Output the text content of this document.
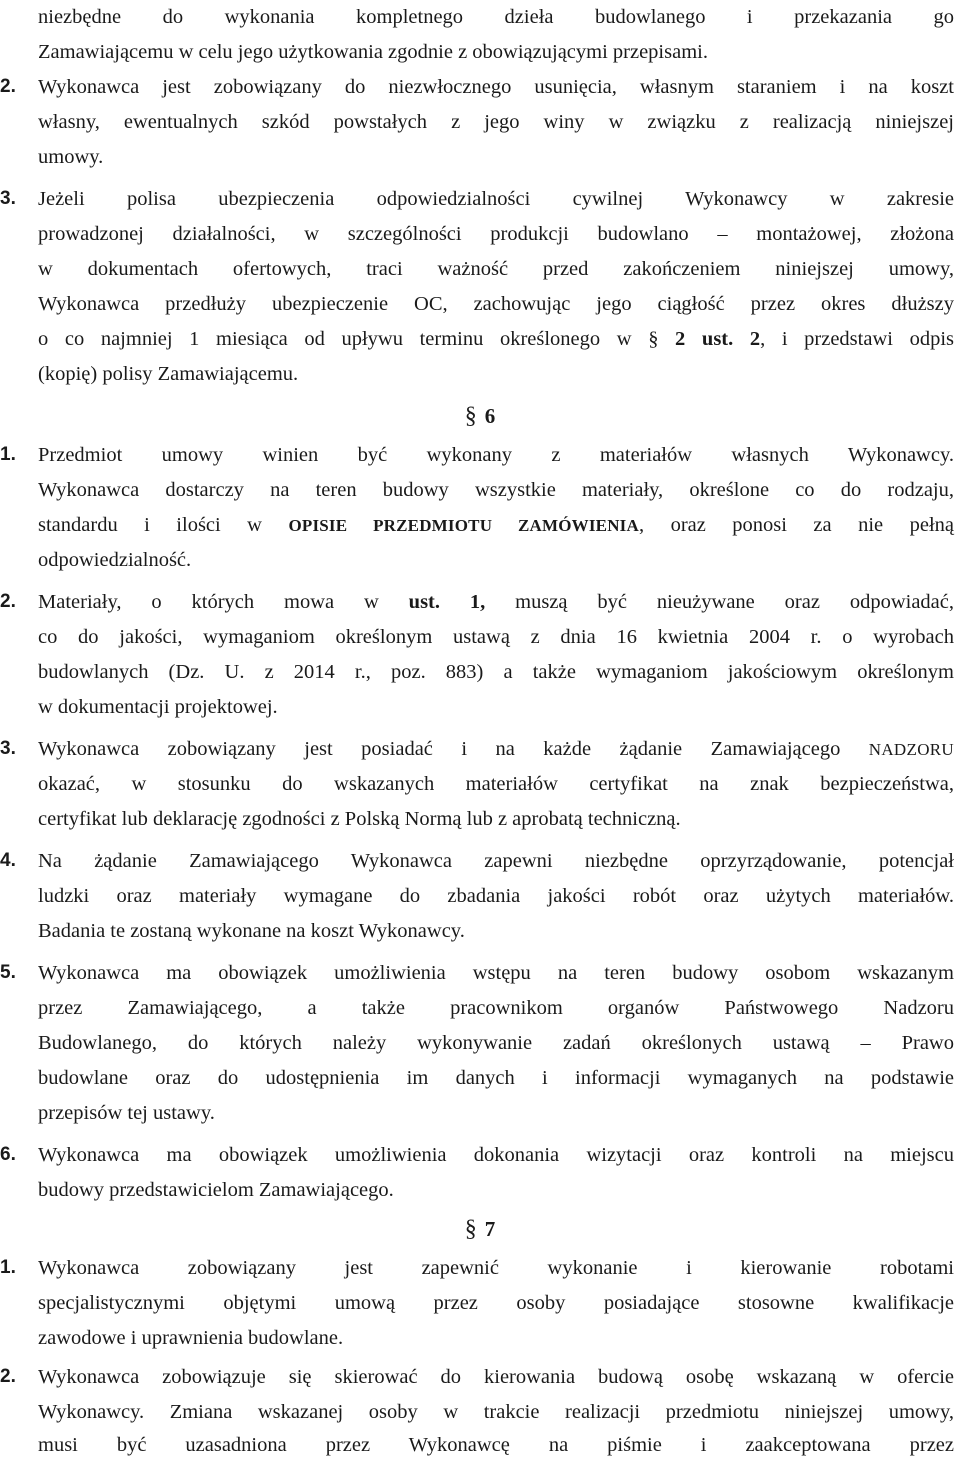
niezbędne do wykonania kompletnego dzieła budowlanego i przekazania go
Zamawiającemu w celu jego użytkowania zgodnie z obowiązującymi przepisami.
2.	Wykonawca jest zobowiązany do niezwłocznego usunięcia, własnym staraniem i na koszt
własny, ewentualnych szkód powstałych z jego winy w związku z realizacją niniejszej
umowy.
3.	Jeżeli polisa ubezpieczenia odpowiedzialności cywilnej Wykonawcy w zakresie
prowadzonej działalności, w szczególności produkcji budowlano – montażowej, złożona
w dokumentach ofertowych, traci ważność przed zakończeniem niniejszej umowy,
Wykonawca przedłuży ubezpieczenie OC, zachowując jego ciągłość przez okres dłuższy
o co najmniej 1 miesiąca od upływu terminu określonego w § 2 ust. 2, i przedstawi odpis
(kopię) polisy Zamawiającemu.
§ 6
1.	Przedmiot umowy winien być wykonany z materiałów własnych Wykonawcy.
Wykonawca dostarczy na teren budowy wszystkie materiały, określone co do rodzaju,
standardu i ilości w OPISIE PRZEDMIOTU ZAMÓWIENIA, oraz ponosi za nie pełną
odpowiedzialność.
2.	Materiały, o których mowa w ust. 1, muszą być nieużywane oraz odpowiadać,
co do jakości, wymaganiom określonym ustawą z dnia 16 kwietnia 2004 r. o wyrobach
budowlanych (Dz. U. z 2014 r., poz. 883) a także wymaganiom jakościowym określonym
w dokumentacji projektowej.
3.	Wykonawca zobowiązany jest posiadać i na każde żądanie Zamawiającego NADZORU
okazać, w stosunku do wskazanych materiałów certyfikat na znak bezpieczeństwa,
certyfikat lub deklarację zgodności z Polską Normą lub z aprobatą techniczną.
4.	Na żądanie Zamawiającego Wykonawca zapewni niezbędne oprzyrządowanie, potencjał
ludzki oraz materiały wymagane do zbadania jakości robót oraz użytych materiałów.
Badania te zostaną wykonane na koszt Wykonawcy.
5.	Wykonawca ma obowiązek umożliwienia wstępu na teren budowy osobom wskazanym
przez Zamawiającego, a także pracownikom organów Państwowego Nadzoru
Budowlanego, do których należy wykonywanie zadań określonych ustawą – Prawo
budowlane oraz do udostępnienia im danych i informacji wymaganych na podstawie
przepisów tej ustawy.
6.	Wykonawca ma obowiązek umożliwienia dokonania wizytacji oraz kontroli na miejscu
budowy przedstawicielom Zamawiającego.
§ 7
1.	Wykonawca zobowiązany jest zapewnić wykonanie i kierowanie robotami
specjalistycznymi objętymi umową przez osoby posiadające stosowne kwalifikacje
zawodowe i uprawnienia budowlane.
2.	Wykonawca zobowiązuje się skierować do kierowania budową osobę wskazaną w ofercie
Wykonawcy. Zmiana wskazanej osoby w trakcie realizacji przedmiotu niniejszej umowy,
musi być uzasadniona przez Wykonawcę na piśmie i zaakceptowana przez
